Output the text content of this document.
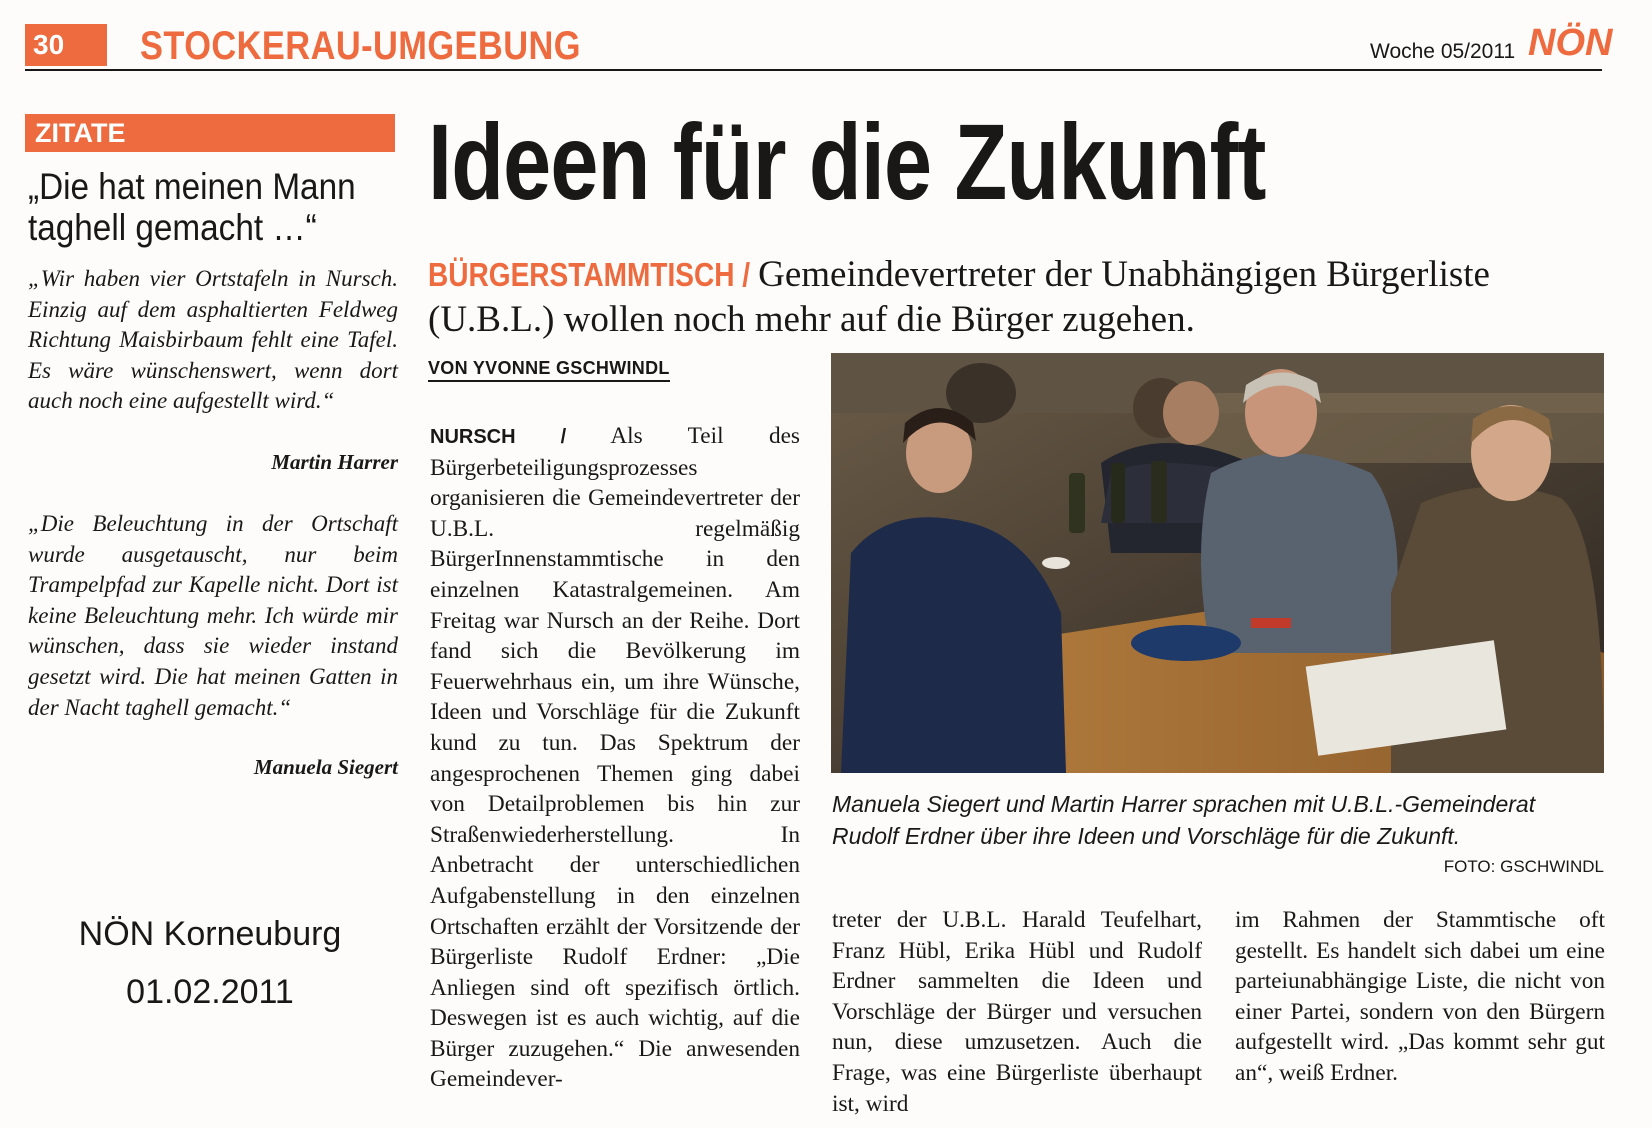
30	STOCKERAU-UMGEBUNG	Woche 05/2011 NÖN
ZITATE
„Die hat meinen Mann
taghell gemacht …“
„Wir haben vier Ortstafeln in Nursch. Einzig auf dem asphaltierten Feldweg Richtung Maisbirbaum fehlt eine Tafel. Es wäre wünschenswert, wenn dort auch noch eine aufgestellt wird.“
Martin Harrer
„Die Beleuchtung in der Ortschaft wurde ausgetauscht, nur beim Trampelpfad zur Kapelle nicht. Dort ist keine Beleuchtung mehr. Ich würde mir wünschen, dass sie wieder instand gesetzt wird. Die hat meinen Gatten in der Nacht taghell gemacht.“
Manuela Siegert
NÖN Korneuburg
01.02.2011
Ideen für die Zukunft
BÜRGERSTAMMTISCH / Gemeindevertreter der Unabhängigen Bürgerliste (U.B.L.) wollen noch mehr auf die Bürger zugehen.
VON YVONNE GSCHWINDL
NURSCH / Als Teil des Bürgerbeteiligungsprozesses organisieren die Gemeindevertreter der U.B.L. regelmäßig BürgerInnenstammtische in den einzelnen Katastralgemeinen. Am Freitag war Nursch an der Reihe. Dort fand sich die Bevölkerung im Feuerwehrhaus ein, um ihre Wünsche, Ideen und Vorschläge für die Zukunft kund zu tun. Das Spektrum der angesprochenen Themen ging dabei von Detailproblemen bis hin zur Straßenwiederherstellung. In Anbetracht der unterschiedlichen Aufgabenstellung in den einzelnen Ortschaften erzählt der Vorsitzende der Bürgerliste Rudolf Erdner: „Die Anliegen sind oft spezifisch örtlich. Deswegen ist es auch wichtig, auf die Bürger zuzugehen.“ Die anwesenden Gemeindever-
Manuela Siegert und Martin Harrer sprachen mit U.B.L.-Gemeinderat Rudolf Erdner über ihre Ideen und Vorschläge für die Zukunft.
FOTO: GSCHWINDL
treter der U.B.L. Harald Teufelhart, Franz Hübl, Erika Hübl und Rudolf Erdner sammelten die Ideen und Vorschläge der Bürger und versuchen nun, diese umzusetzen. Auch die Frage, was eine Bürgerliste überhaupt ist, wird
im Rahmen der Stammtische oft gestellt. Es handelt sich dabei um eine parteiunabhängige Liste, die nicht von einer Partei, sondern von den Bürgern aufgestellt wird. „Das kommt sehr gut an“, weiß Erdner.
